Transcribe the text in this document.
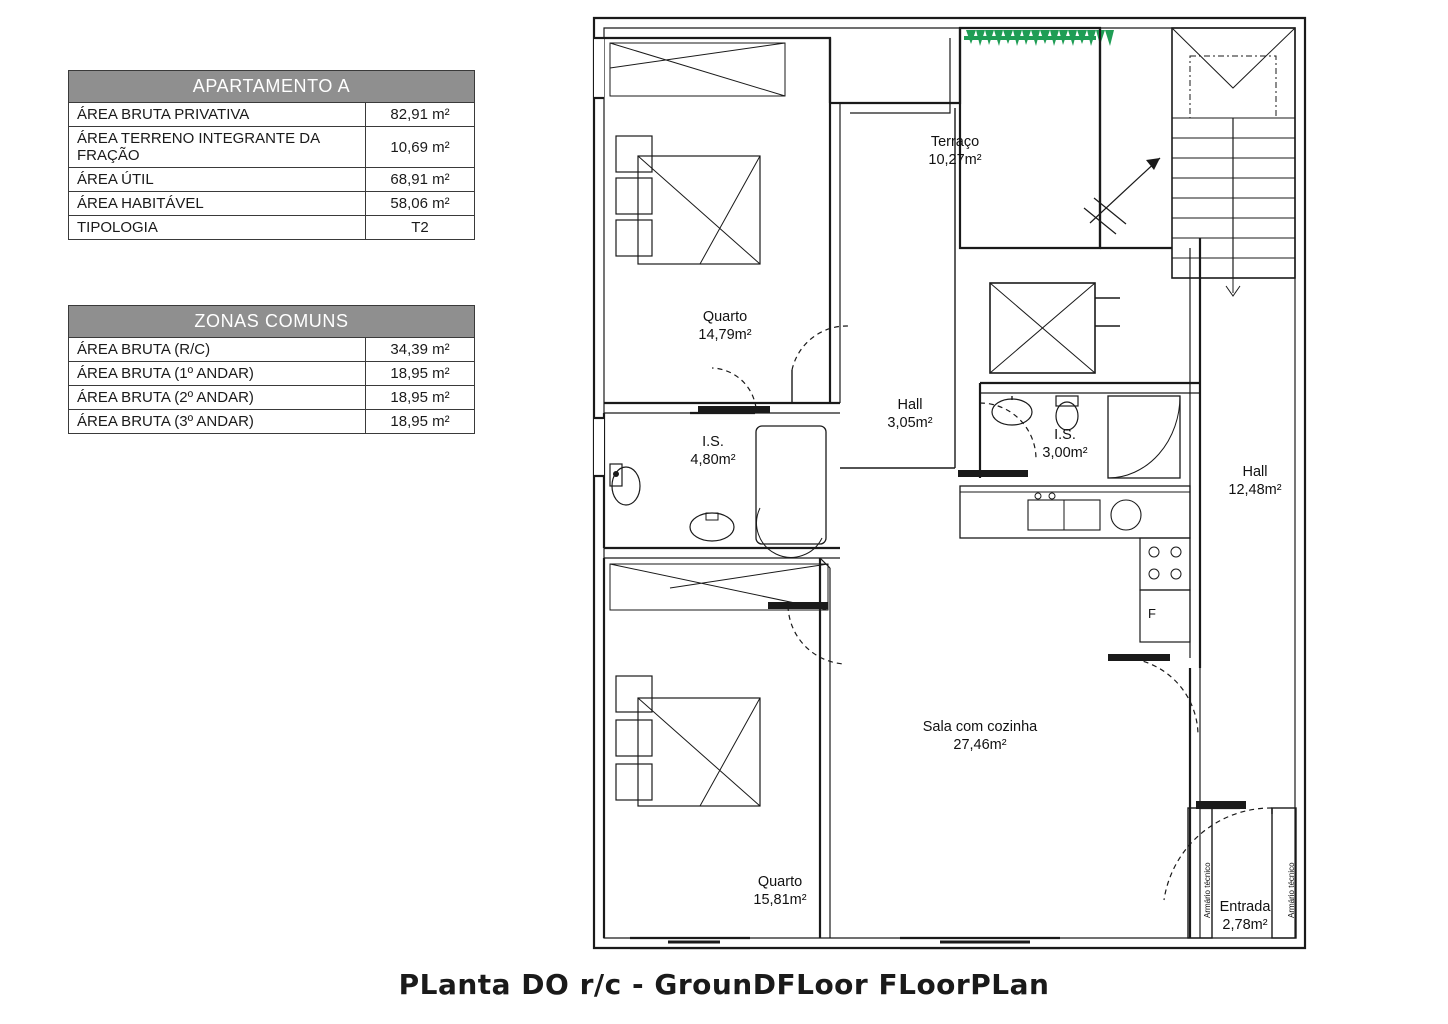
APARTAMENTO A	
ÁREA BRUTA PRIVATIVA	82,91 m²
ÁREA TERRENO INTEGRANTE DA FRAÇÃO	10,69 m²
ÁREA ÚTIL	68,91 m²
ÁREA HABITÁVEL	58,06 m²
TIPOLOGIA	T2
ZONAS COMUNS	
ÁREA BRUTA (R/C)	34,39 m²
ÁREA BRUTA (1º ANDAR)	18,95 m²
ÁREA BRUTA (2º ANDAR)	18,95 m²
ÁREA BRUTA (3º ANDAR)	18,95 m²
Terraço
10,27m²
Quarto
14,79m²
Hall
3,05m²
I.S.
4,80m²
I.S.
3,00m²
Hall
12,48m²
Sala com cozinha
27,46m²
Quarto
15,81m²	Entrada
2,78m²
Armário técnico	Armário técnico
F
PLanta DO r/c - GrounDFLoor FLoorPLan
